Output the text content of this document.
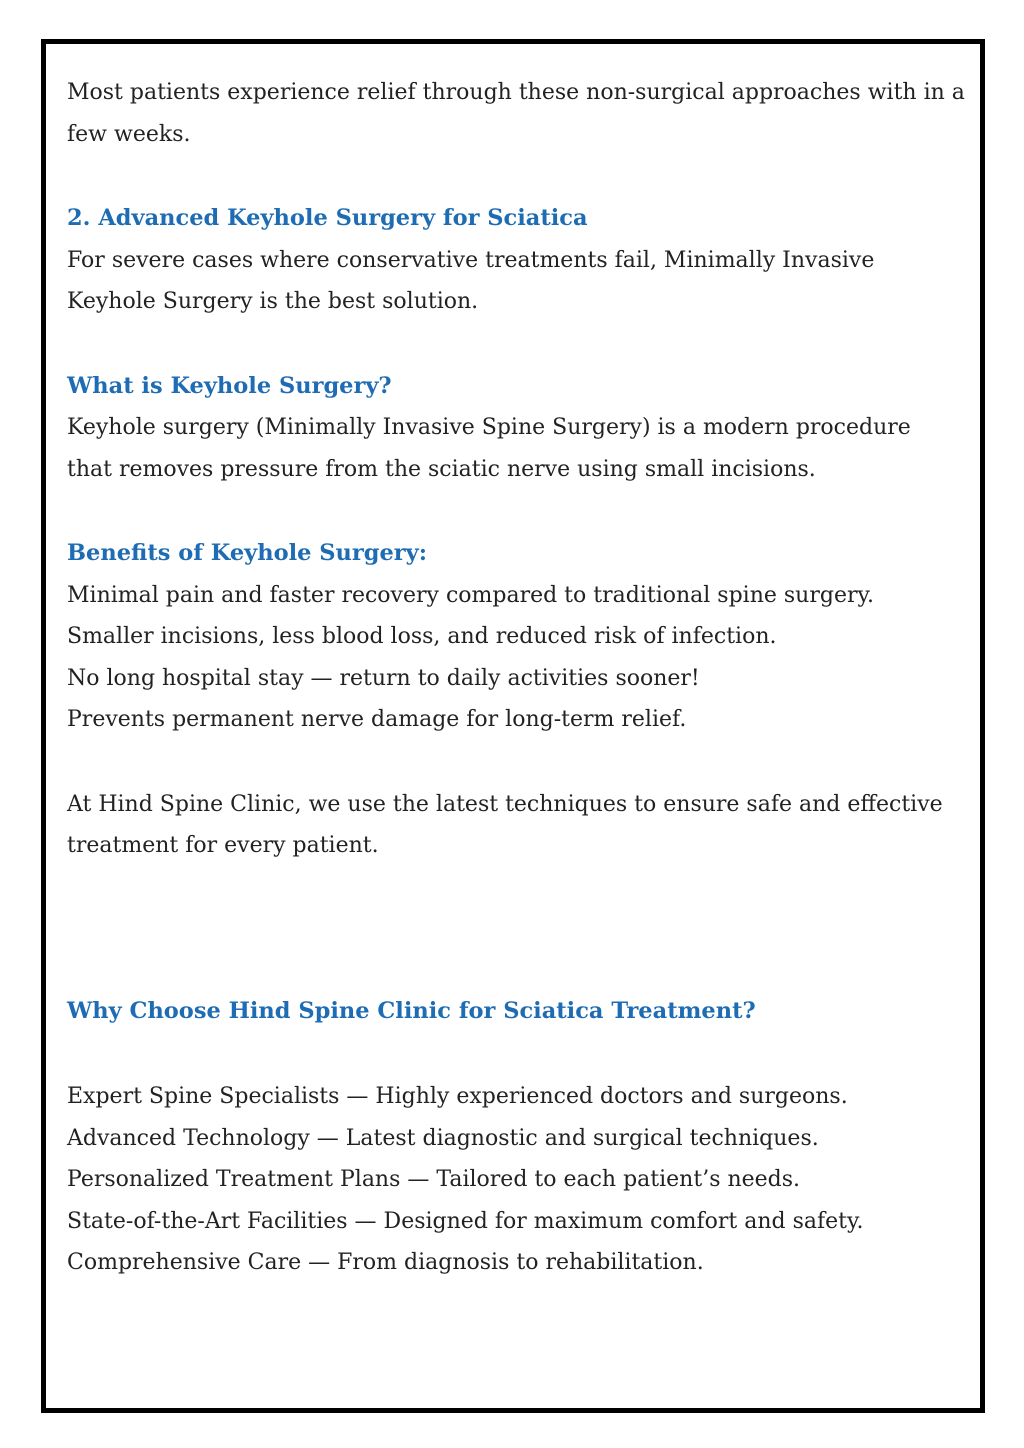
Most patients experience relief through these non-surgical approaches with in a
few weeks.

2. Advanced Keyhole Surgery for Sciatica

For severe cases where conservative treatments fail, Minimally Invasive
Keyhole Surgery is the best solution.

What is Keyhole Surgery?

Keyhole surgery (Minimally Invasive Spine Surgery) is a modern procedure
that removes pressure from the sciatic nerve using small incisions.

Benefits of Keyhole Surgery:
Minimal pain and faster recovery compared to traditional spine surgery.
Smaller incisions, less blood loss, and reduced risk of infection.
No long hospital stay — return to daily activities sooner!
Prevents permanent nerve damage for long-term relief.

At Hind Spine Clinic, we use the latest techniques to ensure safe and effective
treatment for every patient.

Why Choose Hind Spine Clinic for Sciatica Treatment?
Expert Spine Specialists — Highly experienced doctors and surgeons.
Advanced Technology — Latest diagnostic and surgical techniques.
Personalized Treatment Plans — Tailored to each patient’s needs.
State-of-the-Art Facilities — Designed for maximum comfort and safety.
Comprehensive Care — From diagnosis to rehabilitation.
